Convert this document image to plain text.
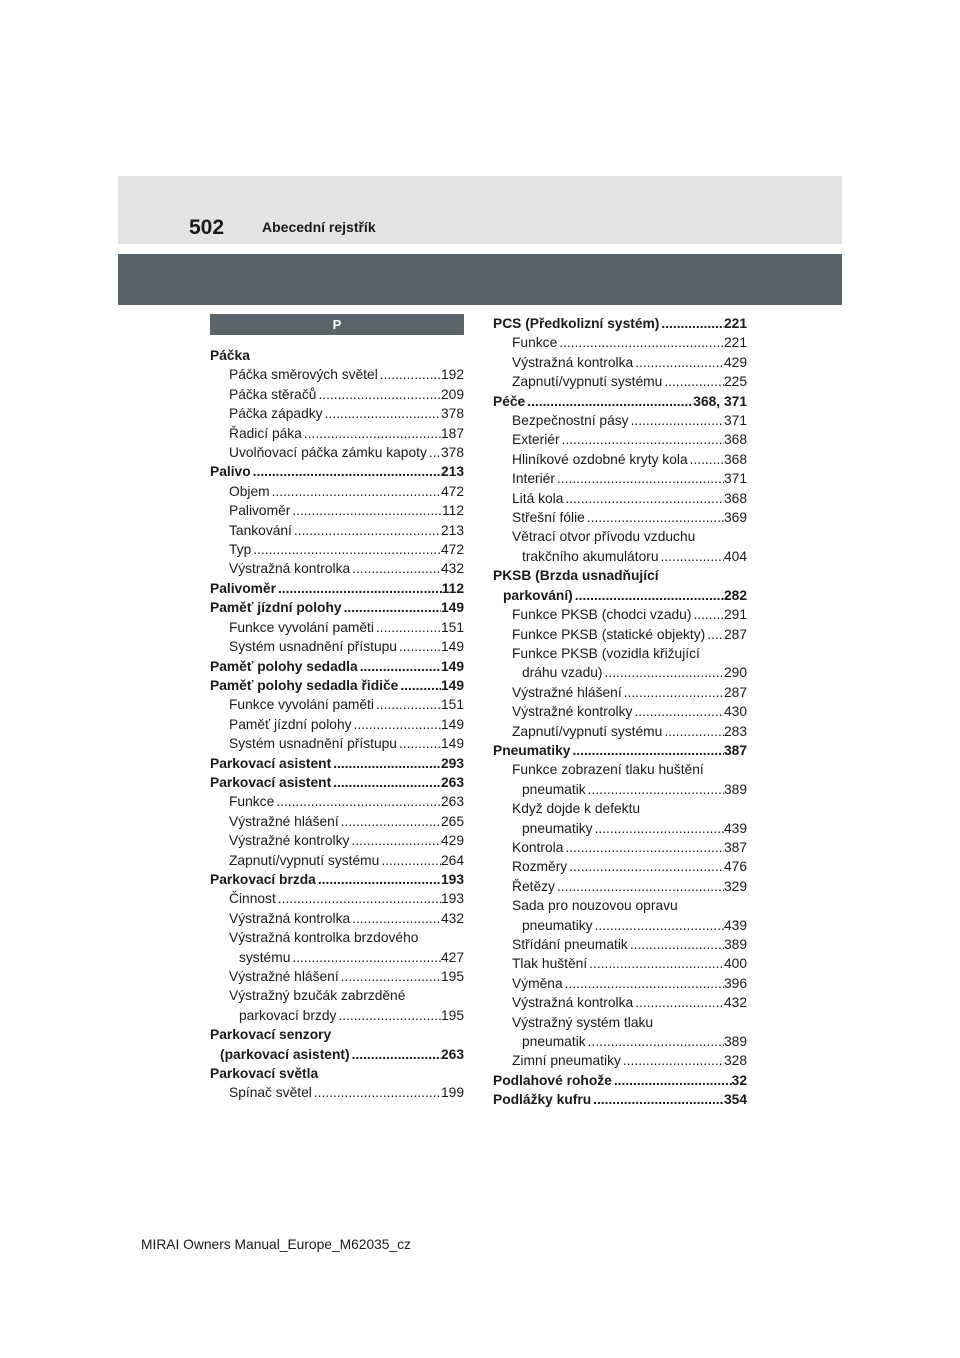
502	Abecední rejstřík
P
Páčka
Páčka směrových světel .....	192
Páčka stěračů .....	209
Páčka západky .....	378
Řadicí páka .....	187
Uvolňovací páčka zámku kapoty ..... 378
Palivo .....	213
Objem .....	472
Palivoměr .....	112
Tankování .....	213
Typ .....	472
Výstražná kontrolka .....	432
Palivoměr .....	112
Paměť jízdní polohy .....	149
Funkce vyvolání paměti .....	151
Systém usnadnění přístupu .....	149
Paměť polohy sedadla .....	149
Paměť polohy sedadla řidiče .....	149
Funkce vyvolání paměti .....	151
Paměť jízdní polohy .....	149
Systém usnadnění přístupu .....	149
Parkovací asistent .....	293
Parkovací asistent .....	263
Funkce .....	263
Výstražné hlášení .....	265
Výstražné kontrolky .....	429
Zapnutí/vypnutí systému .....	264
Parkovací brzda .....	193
Činnost .....	193
Výstražná kontrolka .....	432
Výstražná kontrolka brzdového
systému .....	427
Výstražné hlášení .....	195
Výstražný bzučák zabrzděné
parkovací brzdy .....	195
Parkovací senzory
(parkovací asistent) .....	263
Parkovací světla
Spínač světel .....	199
PCS (Předkolizní systém) .....	221
Funkce .....	221
Výstražná kontrolka .....	429
Zapnutí/vypnutí systému .....	225
Péče .....	368, 371
Bezpečnostní pásy .....	371
Exteriér .....	368
Hliníkové ozdobné kryty kola .....	368
Interiér .....	371
Litá kola .....	368
Střešní fólie .....	369
Větrací otvor přívodu vzduchu
trakčního akumulátoru .....	404
PKSB (Brzda usnadňující
parkování) .....	282
Funkce PKSB (chodci vzadu) ..... 291
Funkce PKSB (statické objekty) ..... 287
Funkce PKSB (vozidla křižující
dráhu vzadu) .....	290
Výstražné hlášení .....	287
Výstražné kontrolky .....	430
Zapnutí/vypnutí systému .....	283
Pneumatiky .....	387
Funkce zobrazení tlaku huštění
pneumatik .....	389
Když dojde k defektu
pneumatiky .....	439
Kontrola .....	387
Rozměry .....	476
Řetězy .....	329
Sada pro nouzovou opravu
pneumatiky .....	439
Střídání pneumatik .....	389
Tlak huštění .....	400
Výměna .....	396
Výstražná kontrolka .....	432
Výstražný systém tlaku
pneumatik .....	389
Zimní pneumatiky .....	328
Podlahové rohože .....	32
Podlážky kufru .....	354
MIRAI Owners Manual_Europe_M62035_cz
